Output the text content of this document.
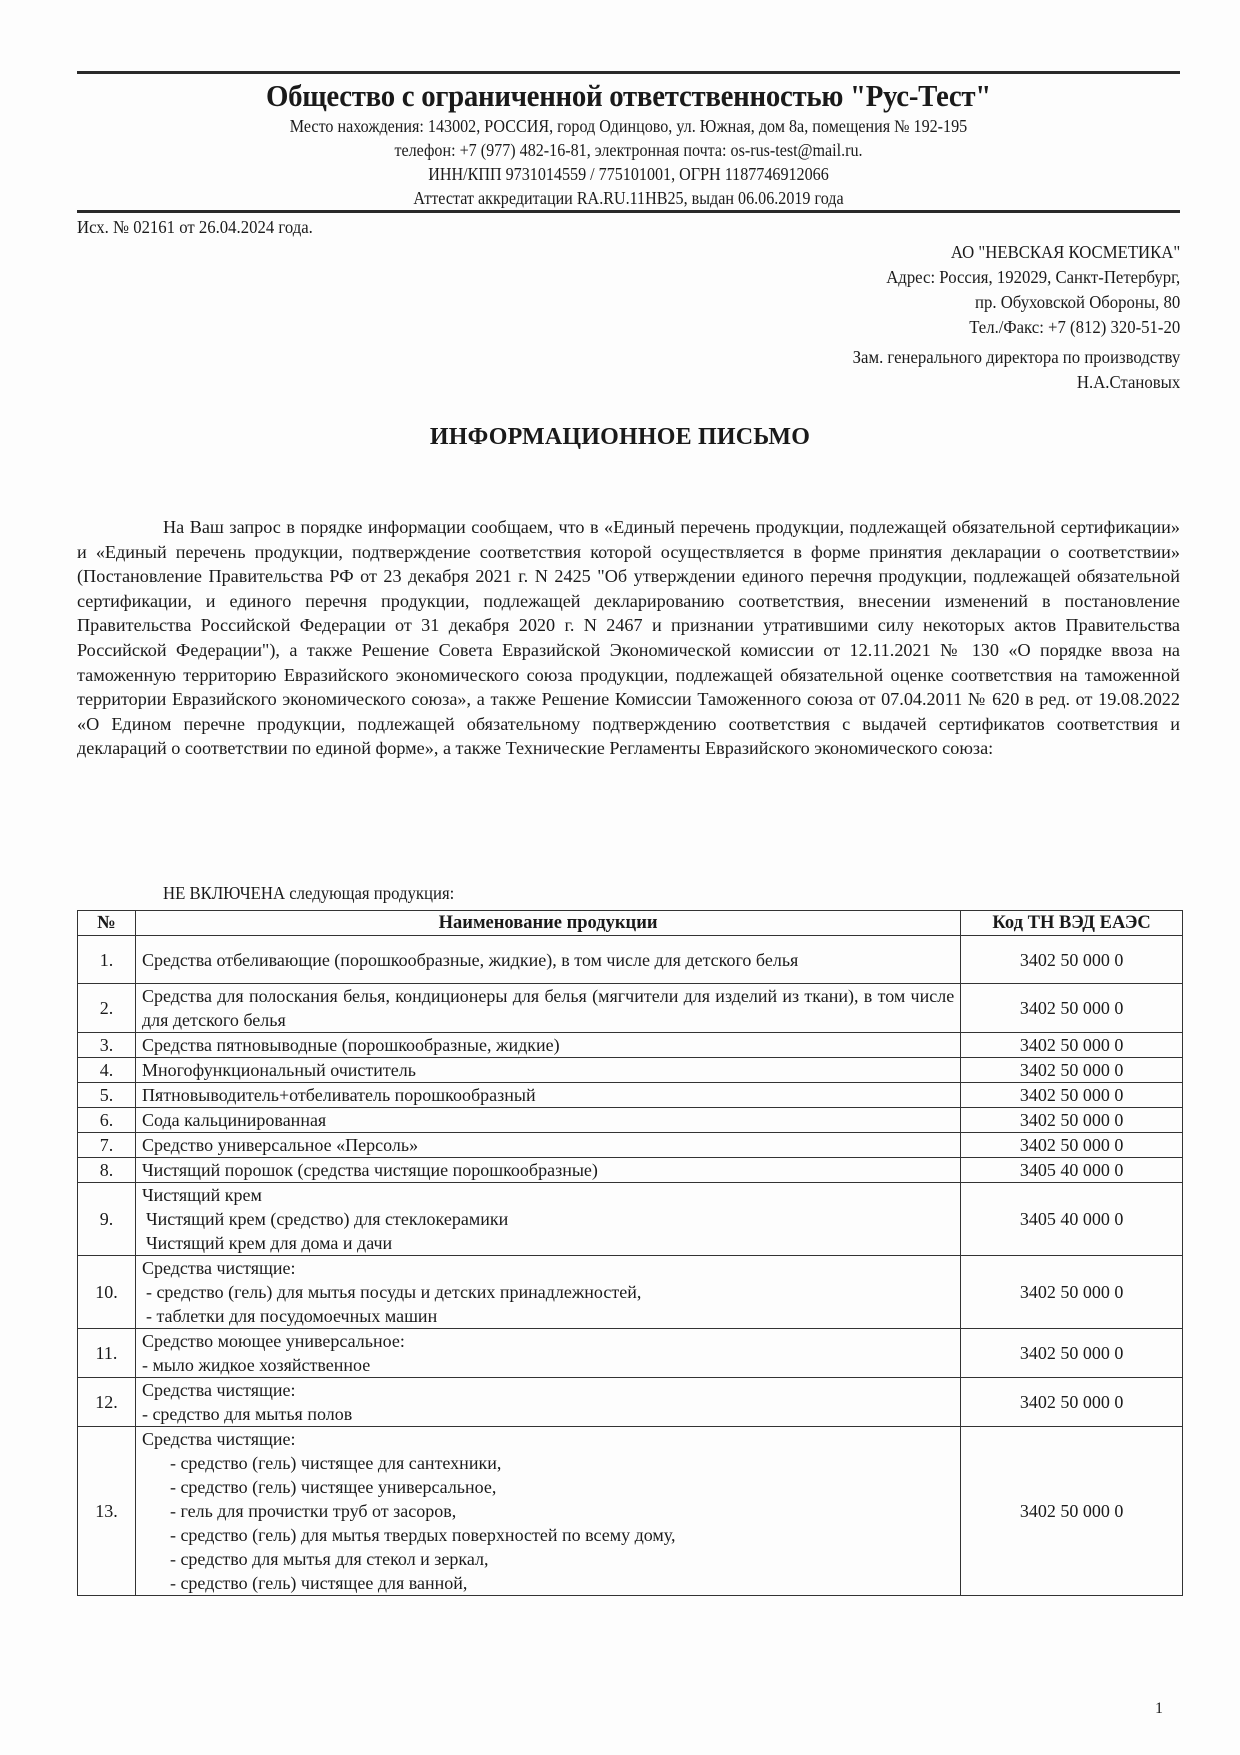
Общество с ограниченной ответственностью "Рус-Тест"
Место нахождения: 143002, РОССИЯ, город Одинцово, ул. Южная, дом 8а, помещения № 192-195
телефон: +7 (977) 482-16-81, электронная почта: os-rus-test@mail.ru.
ИНН/КПП 9731014559 / 775101001, ОГРН 1187746912066
Аттестат аккредитации RA.RU.11HB25, выдан 06.06.2019 года
Исх. № 02161 от 26.04.2024 года.
АО "НЕВСКАЯ КОСМЕТИКА"
Адрес: Россия, 192029, Санкт-Петербург,
пр. Обуховской Обороны, 80
Тел./Факс: +7 (812) 320-51-20
Зам. генерального директора по производству
Н.А.Становых
ИНФОРМАЦИОННОЕ ПИСЬМО

На Ваш запрос в порядке информации сообщаем, что в «Единый перечень продукции, подлежащей обязательной сертификации» и «Единый перечень продукции, подтверждение соответствия которой осуществляется в форме принятия декларации о соответствии» (Постановление Правительства РФ от 23 декабря 2021 г. N 2425 "Об утверждении единого перечня продукции, подлежащей обязательной сертификации, и единого перечня продукции, подлежащей декларированию соответствия, внесении изменений в постановление Правительства Российской Федерации от 31 декабря 2020 г. N 2467 и признании утратившими силу некоторых актов Правительства Российской Федерации"), а также Решение Совета Евразийской Экономической комиссии от 12.11.2021 № 130 «О порядке ввоза на таможенную территорию Евразийского экономического союза продукции, подлежащей обязательной оценке соответствия на таможенной территории Евразийского экономического союза», а также Решение Комиссии Таможенного союза от 07.04.2011 № 620 в ред. от 19.08.2022 «О Едином перечне продукции, подлежащей обязательному подтверждению соответствия с выдачей сертификатов соответствия и деклараций о соответствии по единой форме», а также Технические Регламенты Евразийского экономического союза:

НЕ ВКЛЮЧЕНА следующая продукция:
№	Наименование продукции	Код ТН ВЭД ЕАЭС
1.	Средства отбеливающие (порошкообразные, жидкие), в том числе для детского белья	3402 50 000 0
2.	Средства для полоскания белья, кондиционеры для белья (мягчители для изделий из ткани), в том числе для детского белья	3402 50 000 0
3.	Средства пятновыводные (порошкообразные, жидкие)	3402 50 000 0
4.	Многофункциональный очиститель	3402 50 000 0
5.	Пятновыводитель+отбеливатель порошкообразный	3402 50 000 0
6.	Сода кальцинированная	3402 50 000 0
7.	Средство универсальное «Персоль»	3402 50 000 0
8.	Чистящий порошок (средства чистящие порошкообразные)	3405 40 000 0
9.	Чистящий крем
Чистящий крем (средство) для стеклокерамики
Чистящий крем для дома и дачи	3405 40 000 0
10.	Средства чистящие:
- средство (гель) для мытья посуды и детских принадлежностей,
- таблетки для посудомоечных машин	3402 50 000 0
11.	Средство моющее универсальное:
- мыло жидкое хозяйственное	3402 50 000 0
12.	Средства чистящие:
- средство для мытья полов	3402 50 000 0
13.	
Средства чистящие:
- средство (гель) чистящее для сантехники,
- средство (гель) чистящее универсальное,
- гель для прочистки труб от засоров,
- средство (гель) для мытья твердых поверхностей по всему дому,
- средство для мытья для стекол и зеркал,
- средство (гель) чистящее для ванной,
	3402 50 000 0
1
